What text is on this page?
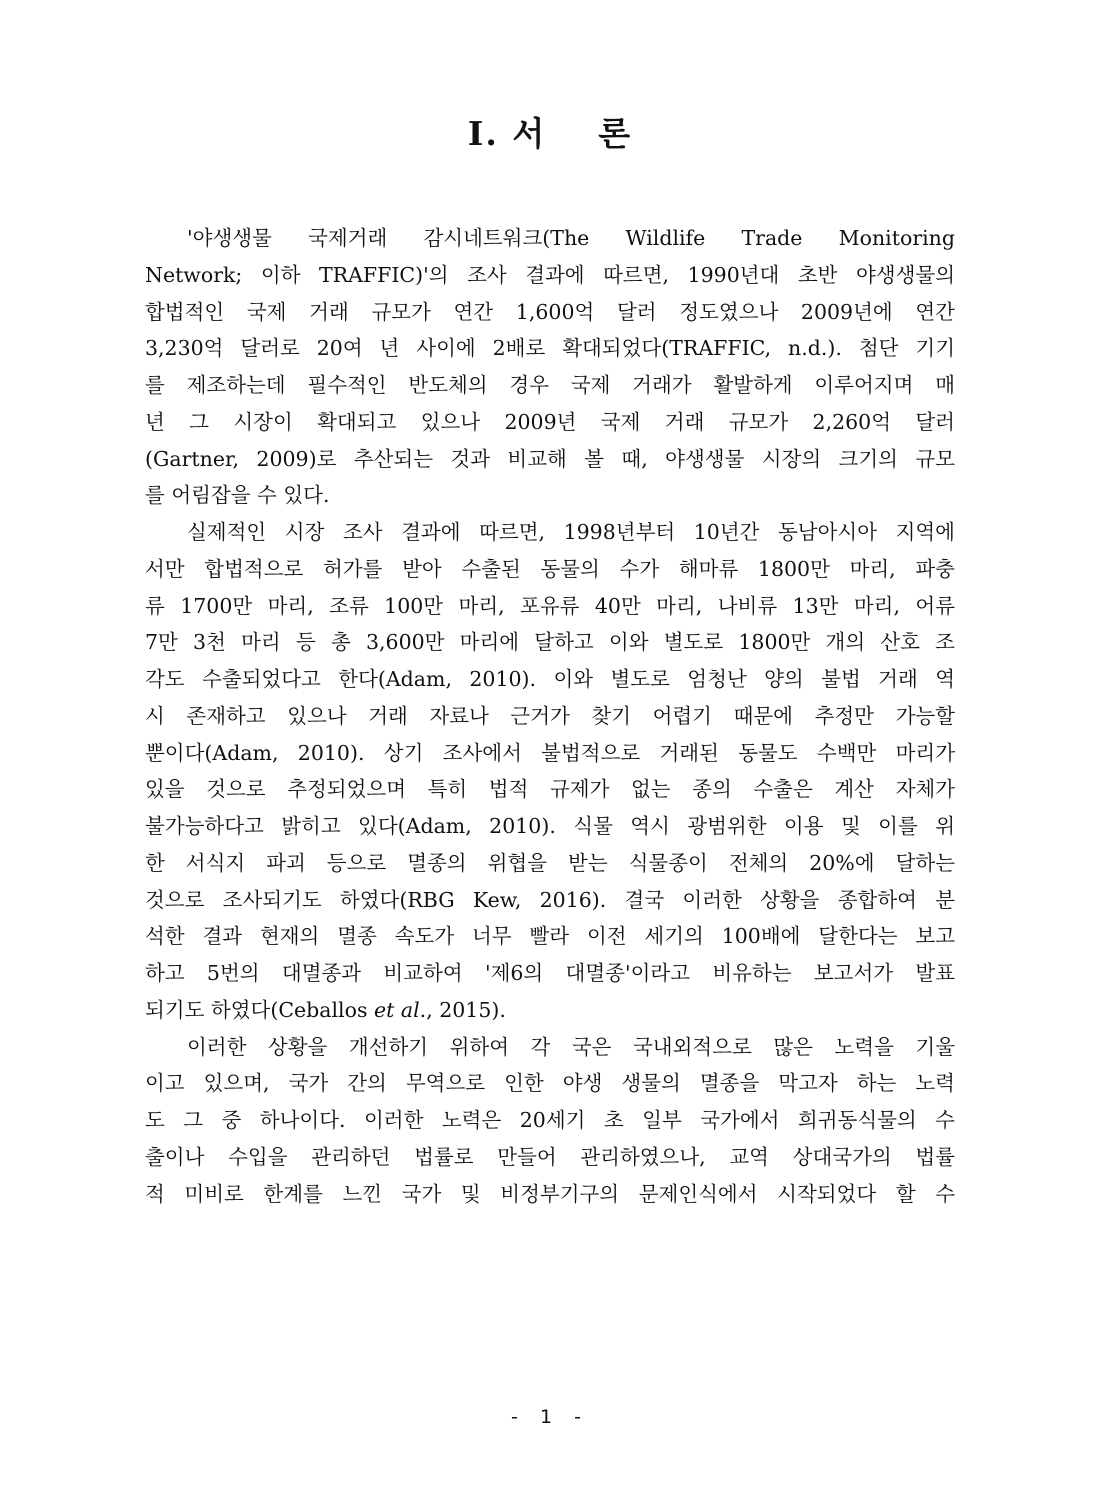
I. 서 론
'야생생물 국제거래 감시네트워크(The Wildlife Trade Monitoring
Network; 이하 TRAFFIC)'의 조사 결과에 따르면, 1990년대 초반 야생생물의
합법적인 국제 거래 규모가 연간 1,600억 달러 정도였으나 2009년에 연간
3,230억 달러로 20여 년 사이에 2배로 확대되었다(TRAFFIC, n.d.). 첨단 기기
를 제조하는데 필수적인 반도체의 경우 국제 거래가 활발하게 이루어지며 매
년 그 시장이 확대되고 있으나 2009년 국제 거래 규모가 2,260억 달러
(Gartner, 2009)로 추산되는 것과 비교해 볼 때, 야생생물 시장의 크기의 규모
를 어림잡을 수 있다.
실제적인 시장 조사 결과에 따르면, 1998년부터 10년간 동남아시아 지역에
서만 합법적으로 허가를 받아 수출된 동물의 수가 해마류 1800만 마리, 파충
류 1700만 마리, 조류 100만 마리, 포유류 40만 마리, 나비류 13만 마리, 어류
7만 3천 마리 등 총 3,600만 마리에 달하고 이와 별도로 1800만 개의 산호 조
각도 수출되었다고 한다(Adam, 2010). 이와 별도로 엄청난 양의 불법 거래 역
시 존재하고 있으나 거래 자료나 근거가 찾기 어렵기 때문에 추정만 가능할
뿐이다(Adam, 2010). 상기 조사에서 불법적으로 거래된 동물도 수백만 마리가
있을 것으로 추정되었으며 특히 법적 규제가 없는 종의 수출은 계산 자체가
불가능하다고 밝히고 있다(Adam, 2010). 식물 역시 광범위한 이용 및 이를 위
한 서식지 파괴 등으로 멸종의 위협을 받는 식물종이 전체의 20%에 달하는
것으로 조사되기도 하였다(RBG Kew, 2016). 결국 이러한 상황을 종합하여 분
석한 결과 현재의 멸종 속도가 너무 빨라 이전 세기의 100배에 달한다는 보고
하고 5번의 대멸종과 비교하여 '제6의 대멸종'이라고 비유하는 보고서가 발표
되기도 하였다(Ceballos et al., 2015).
이러한 상황을 개선하기 위하여 각 국은 국내외적으로 많은 노력을 기울
이고 있으며, 국가 간의 무역으로 인한 야생 생물의 멸종을 막고자 하는 노력
도 그 중 하나이다. 이러한 노력은 20세기 초 일부 국가에서 희귀동식물의 수
출이나 수입을 관리하던 법률로 만들어 관리하였으나, 교역 상대국가의 법률
적 미비로 한계를 느낀 국가 및 비정부기구의 문제인식에서 시작되었다 할 수
- 1 -
